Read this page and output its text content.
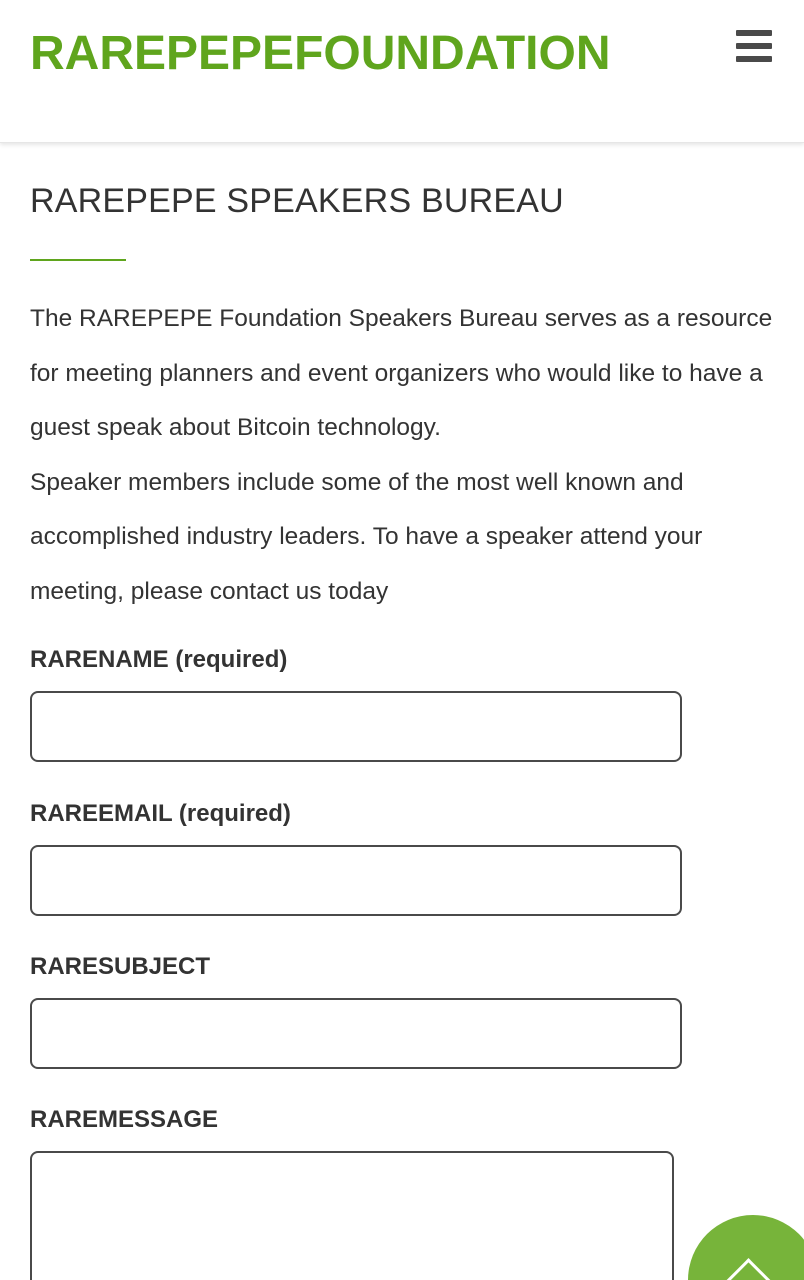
RAREPEPEFOUNDATION
RAREPEPE SPEAKERS BUREAU

The RAREPEPE Foundation Speakers Bureau serves as a resource for meeting planners and event organizers who would like to have a guest speak about Bitcoin technology.

Speaker members include some of the most well known and accomplished industry leaders. To have a speaker attend your meeting, please contact us today

RARENAME (required)
RAREEMAIL (required)
RARESUBJECT
RAREMESSAGE
